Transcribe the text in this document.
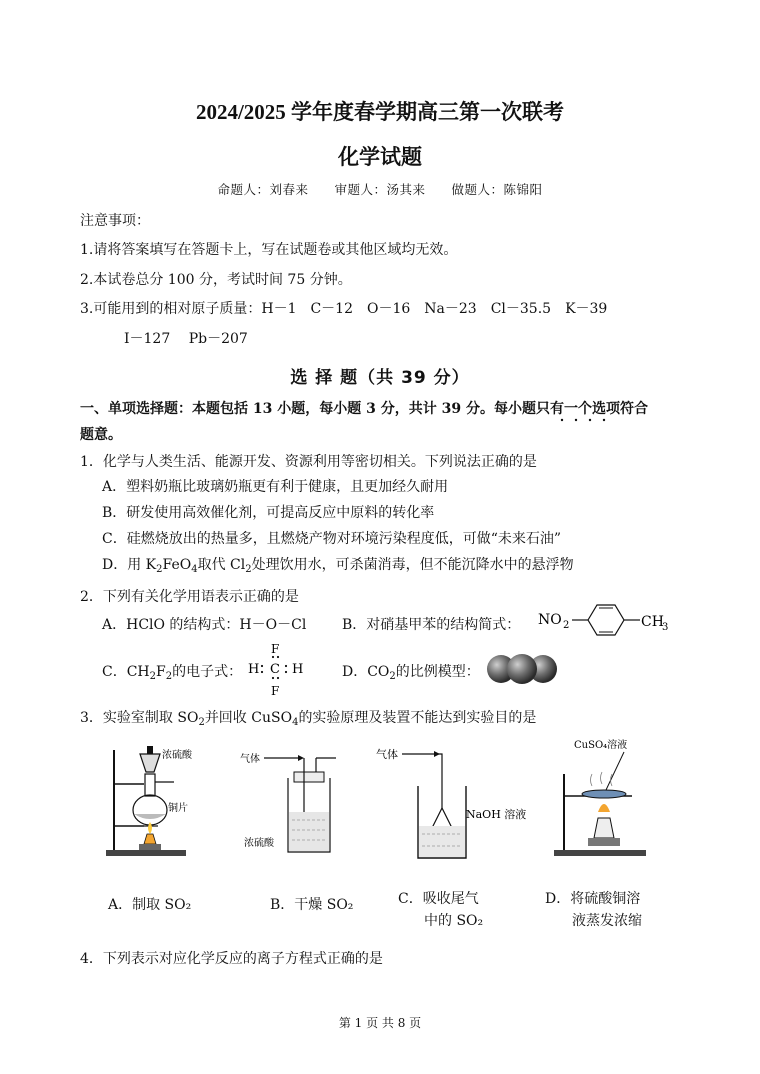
2024/2025 学年度春学期高三第一次联考
化学试题
命题人：刘春来　　审题人：汤其来　　做题人：陈锦阳
注意事项：
1.请将答案填写在答题卡上，写在试题卷或其他区域均无效。
2.本试卷总分 100 分，考试时间 75 分钟。
3.可能用到的相对原子质量：H－1　C－12　O－16　Na－23　Cl－35.5　K－39
I－127　 Pb－207
选 择 题（共 39 分）
一、单项选择题：本题包括 13 小题，每小题 3 分，共计 39 分。每小题只有一个选项符合
题意。
1．化学与人类生活、能源开发、资源利用等密切相关。下列说法正确的是
A．塑料奶瓶比玻璃奶瓶更有利于健康，且更加经久耐用
B．研发使用高效催化剂，可提高反应中原料的转化率
C．硅燃烧放出的热量多，且燃烧产物对环境污染程度低，可做“未来石油”
D．用 $K_2FeO_4$取代 $Cl_2$处理饮用水，可杀菌消毒，但不能沉降水中的悬浮物
2．下列有关化学用语表示正确的是
A．HClO 的结构式：H－O－Cl	B．对硝基甲苯的结构简式： NO 2	CH
3
C．$CH_2F_2$的电子式：
F
H C H
F
D．$CO_2$的比例模型：
3．实验室制取 $SO_2$并回收 CuSO$_4$的实验原理及装置不能达到实验目的是
浓硫酸
铜片
气体
浓硫酸
气体
NaOH 溶液
CuSO₄溶液
A．制取 SO₂	B．干燥 SO₂	C．吸收尾气
中的 SO₂
D．将硫酸铜溶
液蒸发浓缩
4．下列表示对应化学反应的离子方程式正确的是
第 1 页 共 8 页
